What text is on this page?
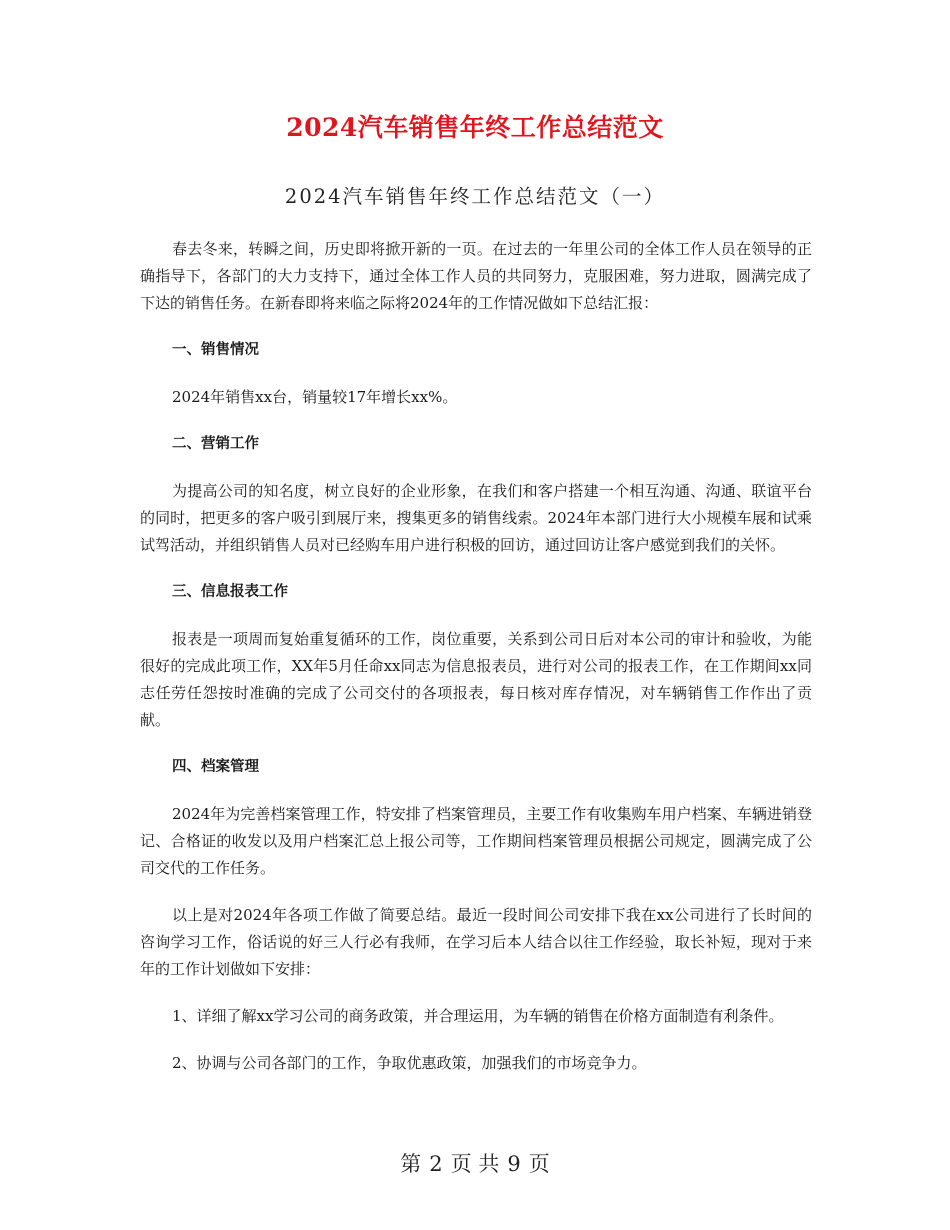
2024汽车销售年终工作总结范文
2024汽车销售年终工作总结范文（一）

春去冬来，转瞬之间，历史即将掀开新的一页。在过去的一年里公司的全体工作人员在领导的正确指导下，各部门的大力支持下，通过全体工作人员的共同努力，克服困难，努力进取，圆满完成了下达的销售任务。在新春即将来临之际将2024年的工作情况做如下总结汇报：

一、销售情况

2024年销售xx台，销量较17年增长xx%。

二、营销工作

为提高公司的知名度，树立良好的企业形象，在我们和客户搭建一个相互沟通、沟通、联谊平台的同时，把更多的客户吸引到展厅来，搜集更多的销售线索。2024年本部门进行大小规模车展和试乘试驾活动，并组织销售人员对已经购车用户进行积极的回访，通过回访让客户感觉到我们的关怀。

三、信息报表工作

报表是一项周而复始重复循环的工作，岗位重要，关系到公司日后对本公司的审计和验收，为能很好的完成此项工作，XX年5月任命xx同志为信息报表员，进行对公司的报表工作，在工作期间xx同志任劳任怨按时准确的完成了公司交付的各项报表，每日核对库存情况，对车辆销售工作作出了贡献。

四、档案管理

2024年为完善档案管理工作，特安排了档案管理员，主要工作有收集购车用户档案、车辆进销登记、合格证的收发以及用户档案汇总上报公司等，工作期间档案管理员根据公司规定，圆满完成了公司交代的工作任务。

以上是对2024年各项工作做了简要总结。最近一段时间公司安排下我在xx公司进行了长时间的咨询学习工作，俗话说的好三人行必有我师，在学习后本人结合以往工作经验，取长补短，现对于来年的工作计划做如下安排：

1、详细了解xx学习公司的商务政策，并合理运用，为车辆的销售在价格方面制造有利条件。

2、协调与公司各部门的工作，争取优惠政策，加强我们的市场竞争力。

第 2 页 共 9 页
